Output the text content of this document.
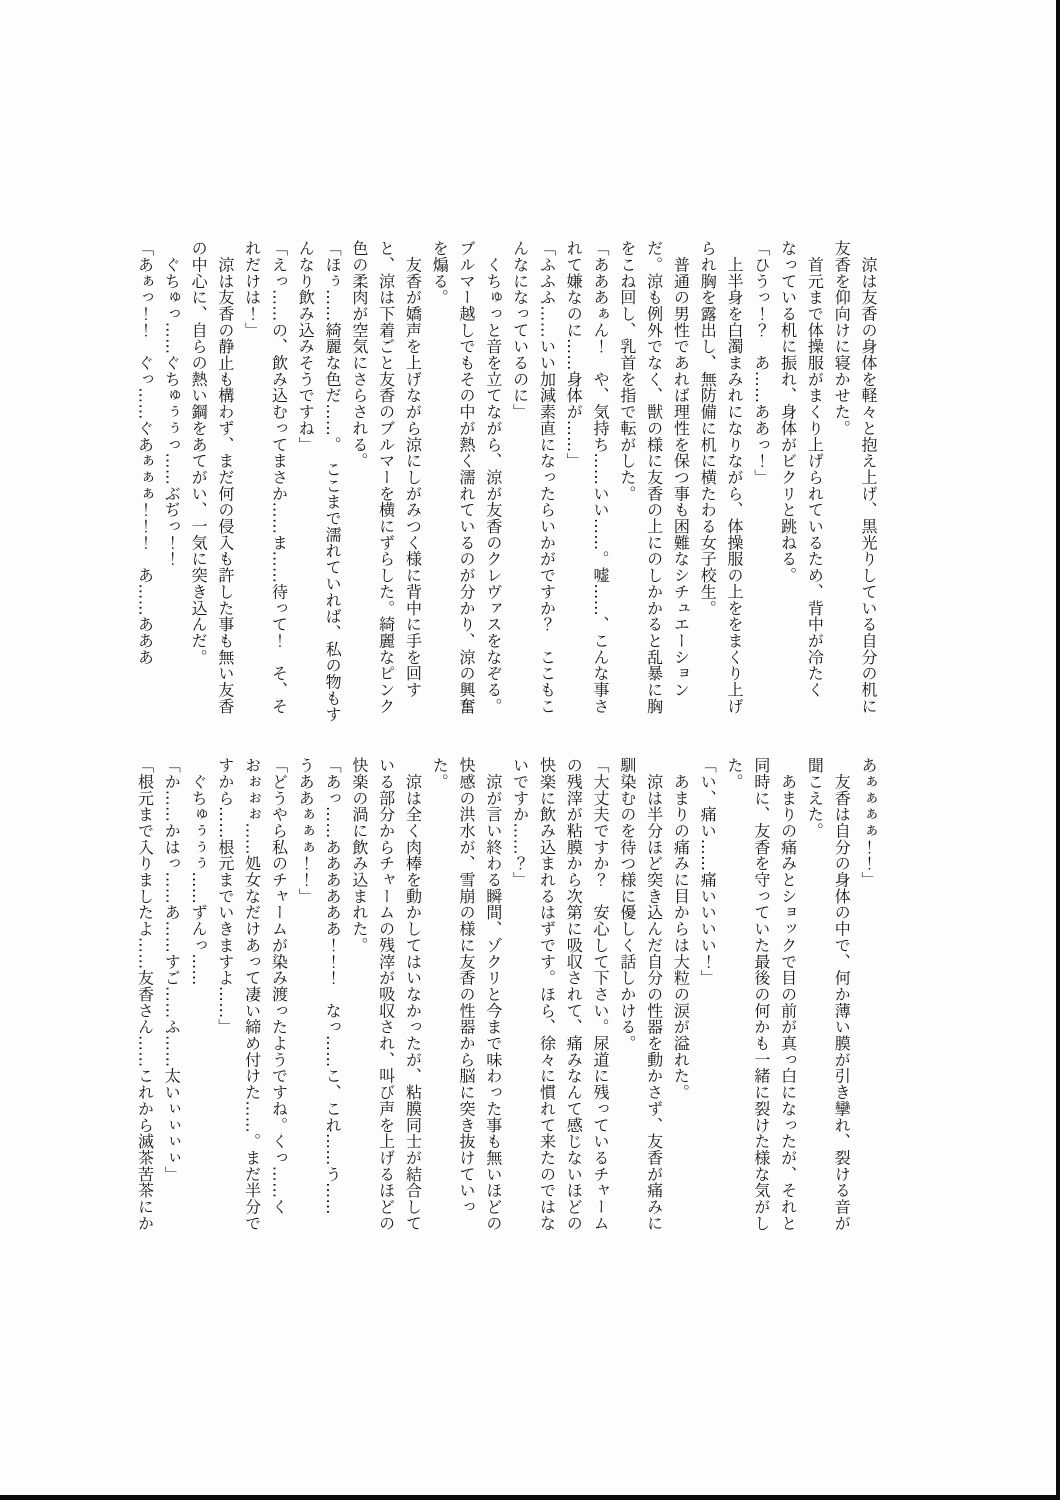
　涼は友香の身体を軽々と抱え上げ、黒光りしている自分の机に

友香を仰向けに寝かせた。

　首元まで体操服がまくり上げられているため、背中が冷たく

なっている机に振れ、身体がビクリと跳ねる。

「ひうっ！？　あ……ああっ！」

　上半身を白濁まみれになりながら、体操服の上ををまくり上げ

られ胸を露出し、無防備に机に横たわる女子校生。

　普通の男性であれば理性を保つ事も困難なシチュエーション

だ。涼も例外でなく、獣の様に友香の上にのしかかると乱暴に胸

をこね回し、乳首を指で転がした。

「あああぁん！　や、気持ち……いい……。嘘……、こんな事さ

れて嫌なのに……身体が……」

「ふふふ……いい加減素直になったらいかがですか？　ここもこ

んなになっているのに」

　くちゅっと音を立てながら、涼が友香のクレヴァスをなぞる。

ブルマー越しでもその中が熱く濡れているのが分かり、涼の興奮

を煽る。

　友香が嬌声を上げながら涼にしがみつく様に背中に手を回す

と、涼は下着ごと友香のブルマーを横にずらした。綺麗なピンク

色の柔肉が空気にさらされる。

「ほぅ……綺麗な色だ……。　ここまで濡れていれば、私の物もす

んなり飲み込みそうですね」

「えっ……の、飲み込むってまさか……ま……待って！　そ、そ

れだけは！」

　涼は友香の静止も構わず、まだ何の侵入も許した事も無い友香

の中心に、自らの熱い鋼をあてがい、一気に突き込んだ。

　ぐちゅっ……ぐちゅぅぅっ……ぶぢっ！！

「あぁっ！！　ぐっ……ぐあぁぁぁ！！！　あ……あああ

あぁぁぁぁ！！」

　友香は自分の身体の中で、何か薄い膜が引き攣れ、裂ける音が

聞こえた。

　あまりの痛みとショックで目の前が真っ白になったが、それと

同時に、友香を守っていた最後の何かも一緒に裂けた様な気がし

た。

「い、痛い……痛いいいい！」

　あまりの痛みに目からは大粒の涙が溢れた。

　涼は半分ほど突き込んだ自分の性器を動かさず、友香が痛みに

馴染むのを待つ様に優しく話しかける。

「大丈夫ですか？　安心して下さい。尿道に残っているチャーム

の残滓が粘膜から次第に吸収されて、痛みなんて感じないほどの

快楽に飲み込まれるはずです。ほら、徐々に慣れて来たのではな

いですか……？」

　涼が言い終わる瞬間、ゾクリと今まで味わった事も無いほどの

快感の洪水が、雪崩の様に友香の性器から脳に突き抜けていっ

た。

　涼は全く肉棒を動かしてはいなかったが、粘膜同士が結合して

いる部分からチャームの残滓が吸収され、叫び声を上げるほどの

快楽の渦に飲み込まれた。

「あっ……ああああああ！！！　なっ……こ、これ……う……

うああぁぁぁ！！」

「どうやら私のチャームが染み渡ったようですね。くっ……く

おぉぉぉ……処女なだけあって凄い締め付けた……。まだ半分で

すから……根元までいきますよ……」

　ぐちゅぅぅぅ……ずんっ……

「か……かはっ……あ……すご……ふ……太いぃぃぃぃ」

「根元まで入りましたよ……友香さん……これから滅茶苦茶にか
